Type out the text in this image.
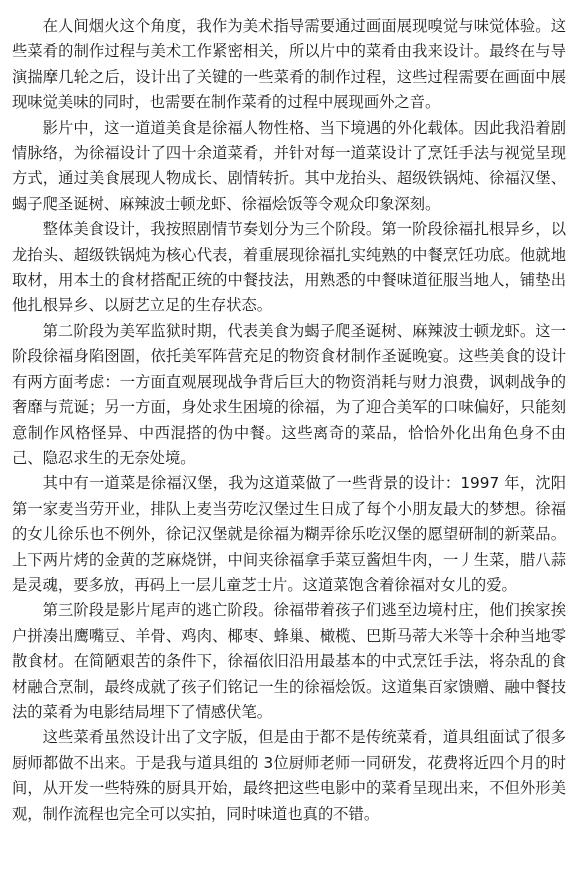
在人间烟火这个角度，我作为美术指导需要通过画面展现嗅觉与味觉体验。这些菜肴的制作过程与美术工作紧密相关，所以片中的菜肴由我来设计。最终在与导演揣摩几轮之后，设计出了关键的一些菜肴的制作过程，这些过程需要在画面中展现味觉美味的同时，也需要在制作菜肴的过程中展现画外之音。

影片中，这一道道美食是徐福人物性格、当下境遇的外化载体。因此我沿着剧情脉络，为徐福设计了四十余道菜肴，并针对每一道菜设计了烹饪手法与视觉呈现方式，通过美食展现人物成长、剧情转折。其中龙抬头、超级铁锅炖、徐福汉堡、蝎子爬圣诞树、麻辣波士顿龙虾、徐福烩饭等令观众印象深刻。

整体美食设计，我按照剧情节奏划分为三个阶段。第一阶段徐福扎根异乡，以龙抬头、超级铁锅炖为核心代表，着重展现徐福扎实纯熟的中餐烹饪功底。他就地取材，用本土的食材搭配正统的中餐技法，用熟悉的中餐味道征服当地人，铺垫出他扎根异乡、以厨艺立足的生存状态。

第二阶段为美军监狱时期，代表美食为蝎子爬圣诞树、麻辣波士顿龙虾。这一阶段徐福身陷囹圄，依托美军阵营充足的物资食材制作圣诞晚宴。这些美食的设计有两方面考虑：一方面直观展现战争背后巨大的物资消耗与财力浪费，讽刺战争的奢靡与荒诞；另一方面，身处求生困境的徐福，为了迎合美军的口味偏好，只能刻意制作风格怪异、中西混搭的伪中餐。这些离奇的菜品，恰恰外化出角色身不由己、隐忍求生的无奈处境。

其中有一道菜是徐福汉堡，我为这道菜做了一些背景的设计：1997 年，沈阳第一家麦当劳开业，排队上麦当劳吃汉堡过生日成了每个小朋友最大的梦想。徐福的女儿徐乐也不例外，徐记汉堡就是徐福为糊弄徐乐吃汉堡的愿望研制的新菜品。上下两片烤的金黄的芝麻烧饼，中间夹徐福拿手菜豆酱炟牛肉，一丿生菜，腊八蒜是灵魂，要多放，再码上一层儿童芝士片。这道菜饱含着徐福对女儿的爱。

第三阶段是影片尾声的逃亡阶段。徐福带着孩子们逃至边境村庄，他们挨家挨户拼凑出鹰嘴豆、羊骨、鸡肉、椰枣、蜂巢、橄榄、巴斯马蒂大米等十余种当地零散食材。在简陋艰苦的条件下，徐福依旧沿用最基本的中式烹饪手法，将杂乱的食材融合烹制，最终成就了孩子们铭记一生的徐福烩饭。这道集百家馈赠、融中餐技法的菜肴为电影结局埋下了情感伏笔。

这些菜肴虽然设计出了文字版，但是由于都不是传统菜肴，道具组面试了很多厨师都做不出来。于是我与道具组的 3位厨师老师一同研发，花费将近四个月的时间，从开发一些特殊的厨具开始，最终把这些电影中的菜肴呈现出来，不但外形美观，制作流程也完全可以实拍，同时味道也真的不错。
